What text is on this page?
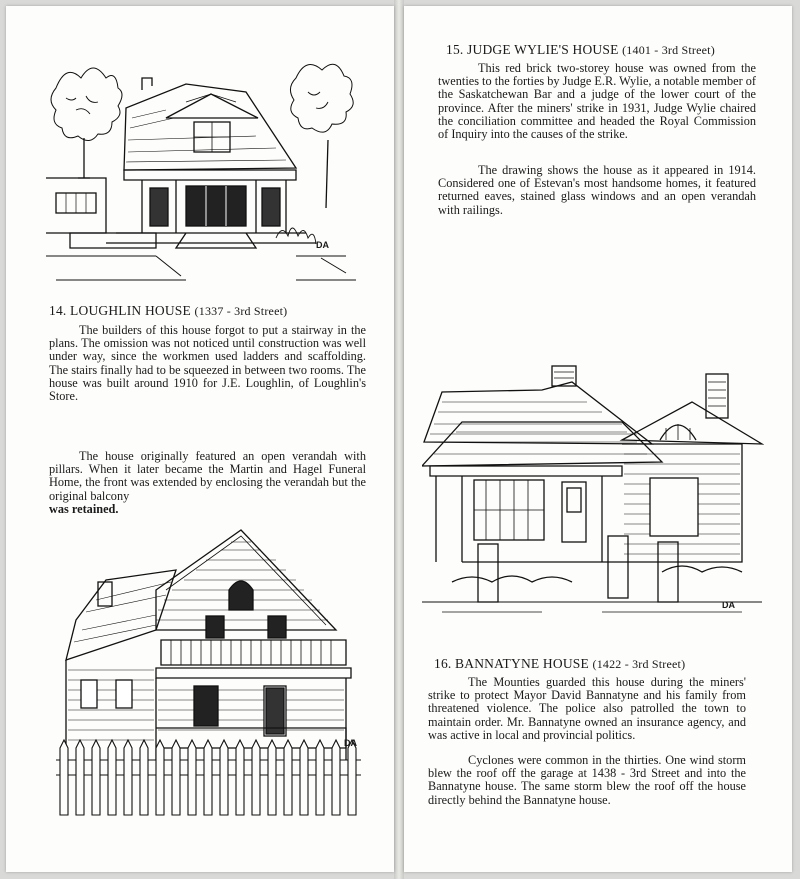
DA
14. LOUGHLIN HOUSE (1337 - 3rd Street)

The builders of this house forgot to put a stairway in the plans. The omission was not noticed until construction was well under way, since the workmen used ladders and scaffolding. The stairs finally had to be squeezed in between two rooms. The house was built around 1910 for J.E. Loughlin, of Loughlin's Store.

The house originally featured an open verandah with pillars. When it later became the Martin and Hagel Funeral Home, the front was extended by enclosing the verandah but the original balcony
was retained.

DA
15. JUDGE WYLIE'S HOUSE (1401 - 3rd Street)

This red brick two-storey house was owned from the twenties to the forties by Judge E.R. Wylie, a notable member of the Saskatchewan Bar and a judge of the lower court of the province. After the miners' strike in 1931, Judge Wylie chaired the conciliation committee and headed the Royal Commission of Inquiry into the causes of the strike.

The drawing shows the house as it appeared in 1914. Considered one of Estevan's most handsome homes, it featured returned eaves, stained glass windows and an open verandah with railings.

DA
16. BANNATYNE HOUSE (1422 - 3rd Street)

The Mounties guarded this house during the miners' strike to protect Mayor David Bannatyne and his family from threatened violence. The police also patrolled the town to maintain order. Mr. Bannatyne owned an insurance agency, and was active in local and provincial politics.

Cyclones were common in the thirties. One wind storm blew the roof off the garage at 1438 - 3rd Street and into the Bannatyne house. The same storm blew the roof off the house directly behind the Bannatyne house.
